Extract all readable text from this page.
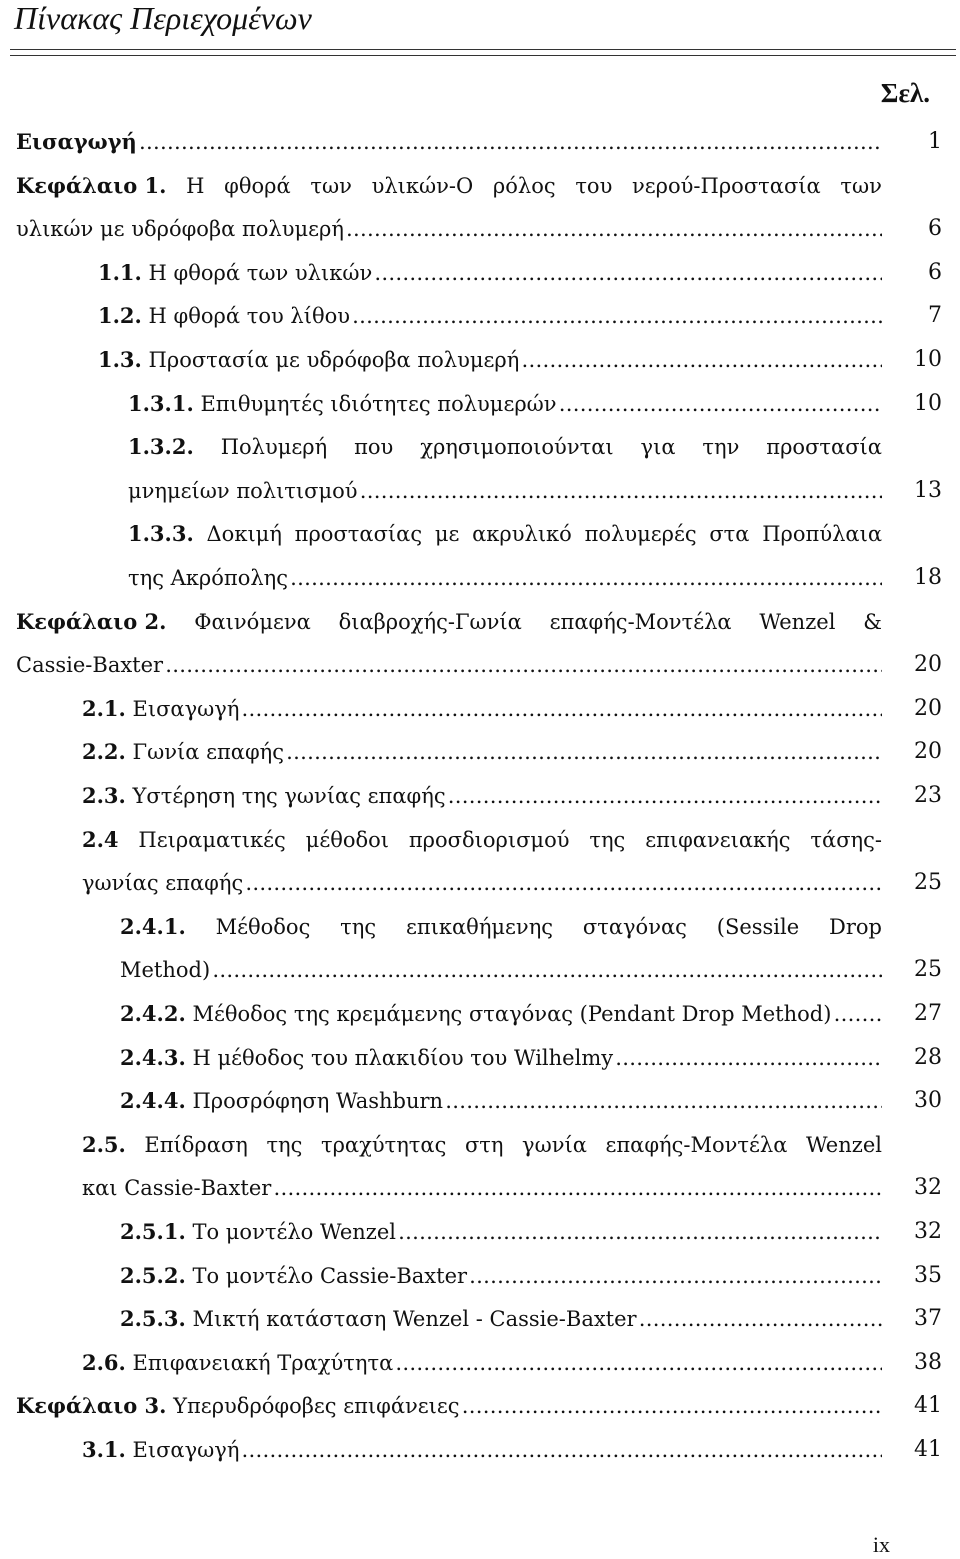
Πίνακας Περιεχομένων
Σελ.
Εισαγωγή …………………………………………………………………………………………………………………………………………………………………………	1
Κεφάλαιο 1. Η φθορά των υλικών-Ο ρόλος του νερού-Προστασία των
υλικών με υδρόφοβα πολυμερή …………………………………………………………………………………………………………………………………………………………………………	6
1.1. Η φθορά των υλικών …………………………………………………………………………………………………………………………………………………………………………	6
1.2. Η φθορά του λίθου …………………………………………………………………………………………………………………………………………………………………………	7
1.3. Προστασία με υδρόφοβα πολυμερή …………………………………………………………………………………………………………………………………………………………………………	10
1.3.1. Επιθυμητές ιδιότητες πολυμερών …………………………………………………………………………………………………………………………………………………………………………	10
1.3.2. Πολυμερή που χρησιμοποιούνται για την προστασία
μνημείων πολιτισμού …………………………………………………………………………………………………………………………………………………………………………	13
1.3.3. Δοκιμή προστασίας με ακρυλικό πολυμερές στα Προπύλαια
της Ακρόπολης …………………………………………………………………………………………………………………………………………………………………………	18
Κεφάλαιο 2. Φαινόμενα διαβροχής-Γωνία επαφής-Μοντέλα Wenzel &
Cassie-Baxter …………………………………………………………………………………………………………………………………………………………………………	20
2.1. Εισαγωγή …………………………………………………………………………………………………………………………………………………………………………	20
2.2. Γωνία επαφής …………………………………………………………………………………………………………………………………………………………………………	20
2.3. Υστέρηση της γωνίας επαφής …………………………………………………………………………………………………………………………………………………………………………	23
2.4 Πειραματικές μέθοδοι προσδιορισμού της επιφανειακής τάσης-
γωνίας επαφής …………………………………………………………………………………………………………………………………………………………………………	25
2.4.1. Μέθοδος της επικαθήμενης σταγόνας (Sessile Drop
Method) …………………………………………………………………………………………………………………………………………………………………………	25
2.4.2. Μέθοδος της κρεμάμενης σταγόνας (Pendant Drop Method) …………………………………………………………………………………………………………………………………………………………………………	27
2.4.3. Η μέθοδος του πλακιδίου του Wilhelmy …………………………………………………………………………………………………………………………………………………………………………	28
2.4.4. Προσρόφηση Washburn …………………………………………………………………………………………………………………………………………………………………………	30
2.5. Επίδραση της τραχύτητας στη γωνία επαφής-Μοντέλα Wenzel
και Cassie-Baxter …………………………………………………………………………………………………………………………………………………………………………	32
2.5.1. Το μοντέλο Wenzel …………………………………………………………………………………………………………………………………………………………………………	32
2.5.2. Το μοντέλο Cassie-Baxter …………………………………………………………………………………………………………………………………………………………………………	35
2.5.3. Μικτή κατάσταση Wenzel - Cassie-Baxter …………………………………………………………………………………………………………………………………………………………………………	37
2.6. Επιφανειακή Τραχύτητα …………………………………………………………………………………………………………………………………………………………………………	38
Κεφάλαιο 3. Υπερυδρόφοβες επιφάνειες …………………………………………………………………………………………………………………………………………………………………………	41
3.1. Εισαγωγή …………………………………………………………………………………………………………………………………………………………………………	41
ix
